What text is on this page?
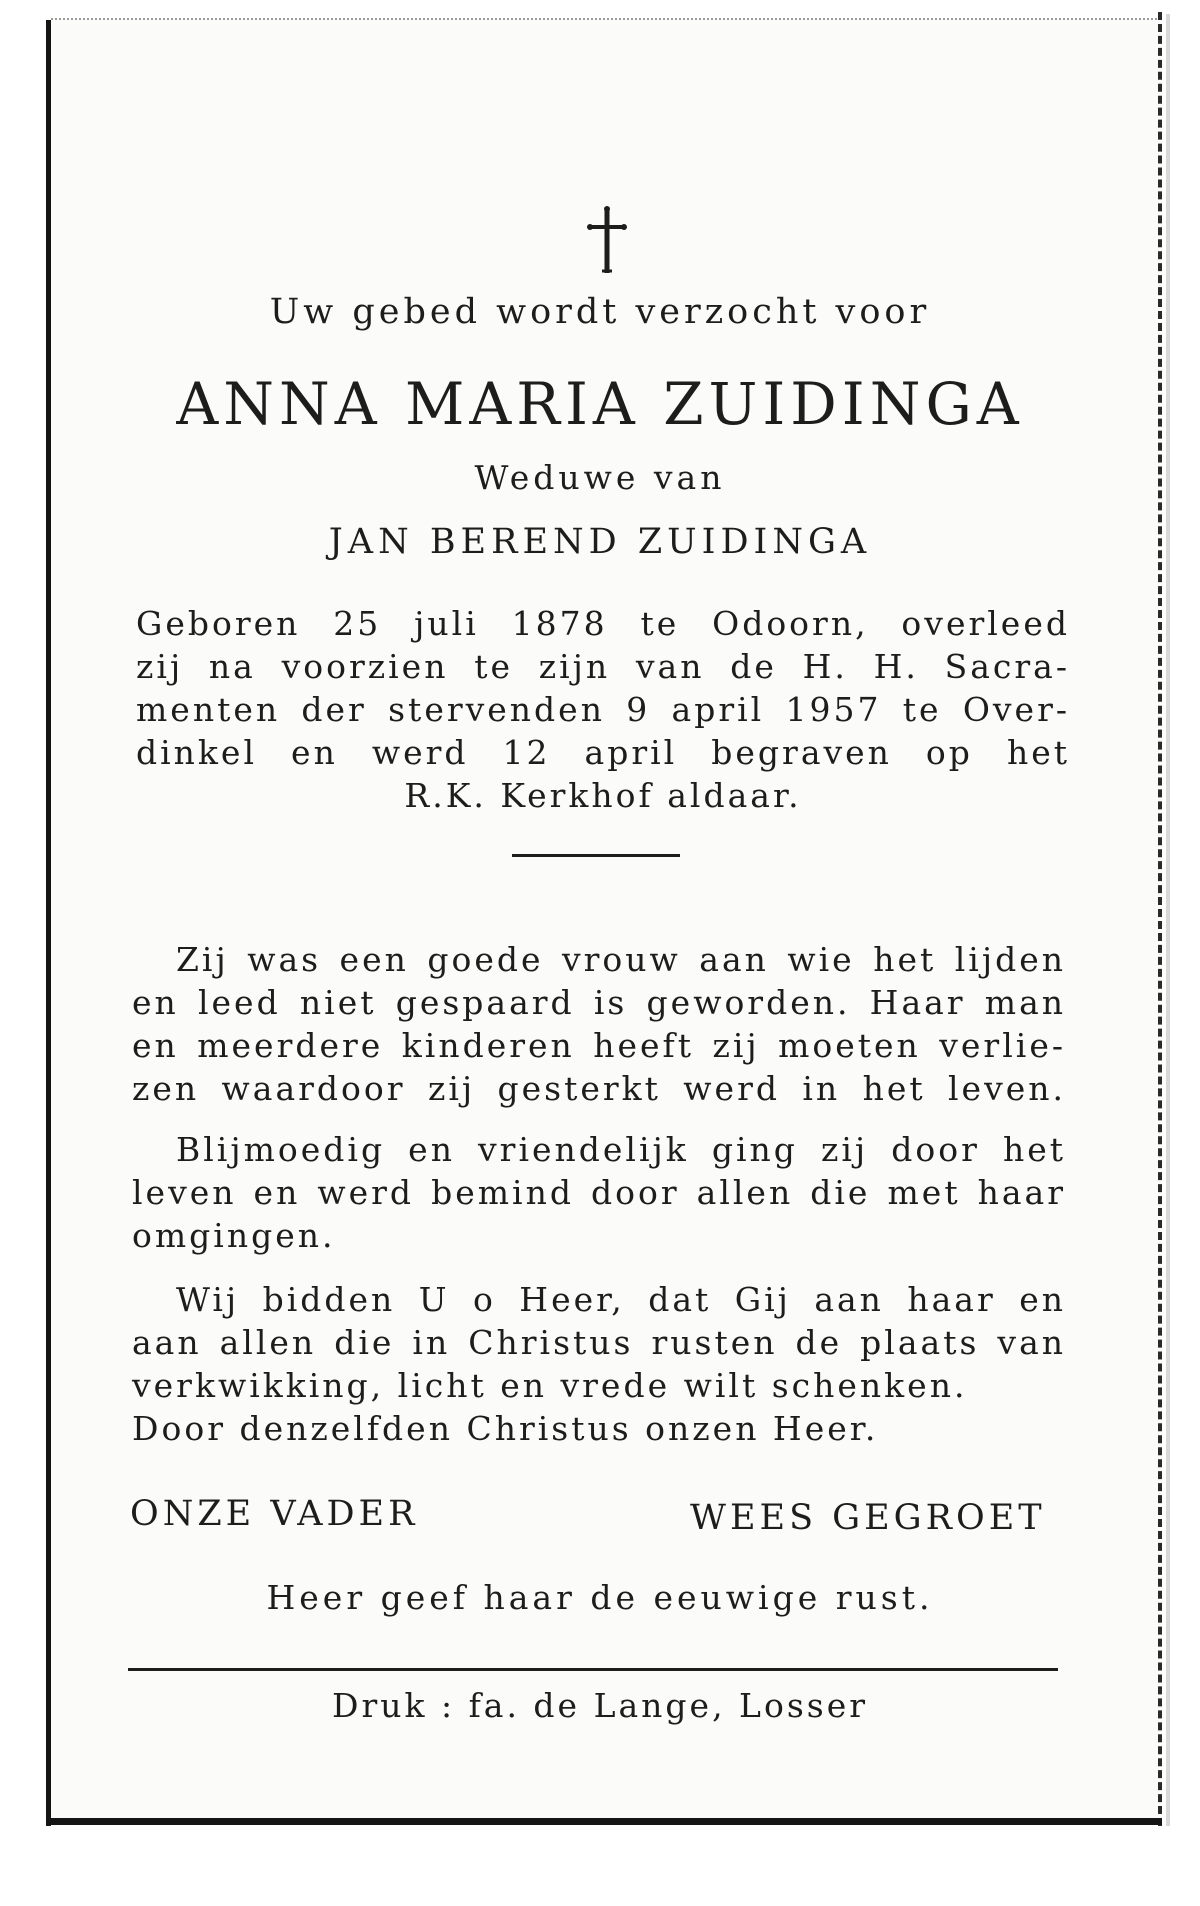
Uw gebed wordt verzocht voor
ANNA MARIA ZUIDINGA
Weduwe van
JAN BEREND ZUIDINGA
Geboren 25 juli 1878 te Odoorn, overleed
zij na voorzien te zijn van de H. H. Sacra-
menten der stervenden 9 april 1957 te Over-
dinkel en werd 12 april begraven op het
R.K. Kerkhof aldaar.
Zij was een goede vrouw aan wie het lijden
en leed niet gespaard is geworden. Haar man
en meerdere kinderen heeft zij moeten verlie-
zen waardoor zij gesterkt werd in het leven.
Blijmoedig en vriendelijk ging zij door het
leven en werd bemind door allen die met haar
omgingen.
Wij bidden U o Heer, dat Gij aan haar en
aan allen die in Christus rusten de plaats van
verkwikking, licht en vrede wilt schenken.
Door denzelfden Christus onzen Heer.
ONZE VADER	WEES GEGROET
Heer geef haar de eeuwige rust.
Druk : fa. de Lange, Losser
